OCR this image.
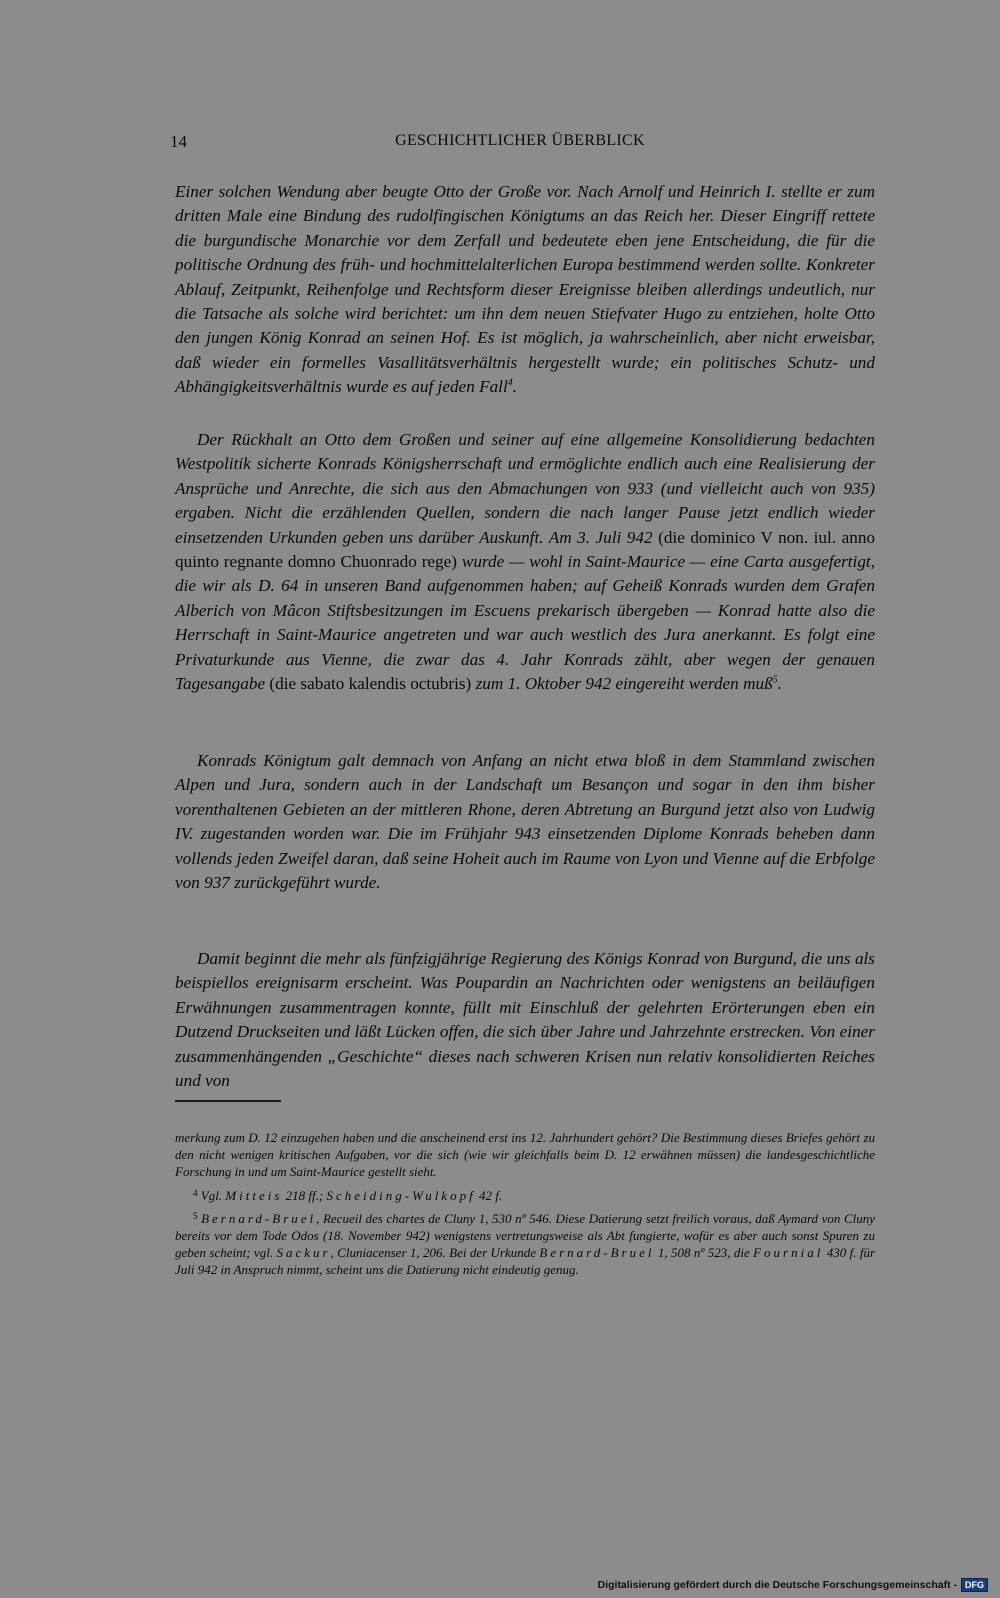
14	GESCHICHTLICHER ÜBERBLICK

Einer solchen Wendung aber beugte Otto der Große vor. Nach Arnolf und Heinrich I. stellte er zum dritten Male eine Bindung des rudolfingischen Königtums an das Reich her. Dieser Eingriff rettete die burgundische Monarchie vor dem Zerfall und bedeutete eben jene Entscheidung, die für die politische Ordnung des früh- und hochmittelalterlichen Europa bestimmend werden sollte. Konkreter Ablauf, Zeitpunkt, Reihenfolge und Rechtsform dieser Ereignisse bleiben allerdings undeutlich, nur die Tatsache als solche wird berichtet: um ihn dem neuen Stiefvater Hugo zu entziehen, holte Otto den jungen König Konrad an seinen Hof. Es ist möglich, ja wahrscheinlich, aber nicht erweisbar, daß wieder ein formelles Vasallitätsverhältnis hergestellt wurde; ein politisches Schutz- und Abhängigkeitsverhältnis wurde es auf jeden Fall$^4$.

Der Rückhalt an Otto dem Großen und seiner auf eine allgemeine Konsolidierung bedachten Westpolitik sicherte Konrads Königsherrschaft und ermöglichte endlich auch eine Realisierung der Ansprüche und Anrechte, die sich aus den Abmachungen von 933 (und vielleicht auch von 935) ergaben. Nicht die erzählenden Quellen, sondern die nach langer Pause jetzt endlich wieder einsetzenden Urkunden geben uns darüber Auskunft. Am 3. Juli 942 (die dominico V non. iul. anno quinto regnante domno Chuonrado rege) wurde — wohl in Saint-Maurice — eine Carta ausgefertigt, die wir als D. 64 in unseren Band aufgenommen haben; auf Geheiß Konrads wurden dem Grafen Alberich von Mâcon Stiftsbesitzungen im Escuens prekarisch übergeben — Konrad hatte also die Herrschaft in Saint-Maurice angetreten und war auch westlich des Jura anerkannt. Es folgt eine Privaturkunde aus Vienne, die zwar das 4. Jahr Konrads zählt, aber wegen der genauen Tagesangabe (die sabato kalendis octubris) zum 1. Oktober 942 eingereiht werden muß$^5$.

Konrads Königtum galt demnach von Anfang an nicht etwa bloß in dem Stammland zwischen Alpen und Jura, sondern auch in der Landschaft um Besançon und sogar in den ihm bisher vorenthaltenen Gebieten an der mittleren Rhone, deren Abtretung an Burgund jetzt also von Ludwig IV. zugestanden worden war. Die im Frühjahr 943 einsetzenden Diplome Konrads beheben dann vollends jeden Zweifel daran, daß seine Hoheit auch im Raume von Lyon und Vienne auf die Erbfolge von 937 zurückgeführt wurde.

Damit beginnt die mehr als fünfzigjährige Regierung des Königs Konrad von Burgund, die uns als beispiellos ereignisarm erscheint. Was Poupardin an Nachrichten oder wenigstens an beiläufigen Erwähnungen zusammentragen konnte, füllt mit Einschluß der gelehrten Erörterungen eben ein Dutzend Druckseiten und läßt Lücken offen, die sich über Jahre und Jahrzehnte erstrecken. Von einer zusammenhängenden „Geschichte“ dieses nach schweren Krisen nun relativ konsolidierten Reiches und von

merkung zum D. 12 einzugehen haben und die anscheinend erst ins 12. Jahrhundert gehört? Die Bestimmung dieses Briefes gehört zu den nicht wenigen kritischen Aufgaben, vor die sich (wie wir gleichfalls beim D. 12 erwähnen müssen) die landesgeschichtliche Forschung in und um Saint-Maurice gestellt sieht.

$^4$ Vgl. Mitteis 218 ff.; Scheiding-Wulkopf 42 f.

$^5$ Bernard-Bruel, Recueil des chartes de Cluny 1, 530 nº 546. Diese Datierung setzt freilich voraus, daß Aymard von Cluny bereits vor dem Tode Odos (18. November 942) wenigstens vertretungsweise als Abt fungierte, wofür es aber auch sonst Spuren zu geben scheint; vgl. Sackur, Cluniacenser 1, 206. Bei der Urkunde Bernard-Bruel 1, 508 nº 523, die Fournial 430 f. für Juli 942 in Anspruch nimmt, scheint uns die Datierung nicht eindeutig genug.

Digitalisierung gefördert durch die Deutsche Forschungsgemeinschaft - DFG
